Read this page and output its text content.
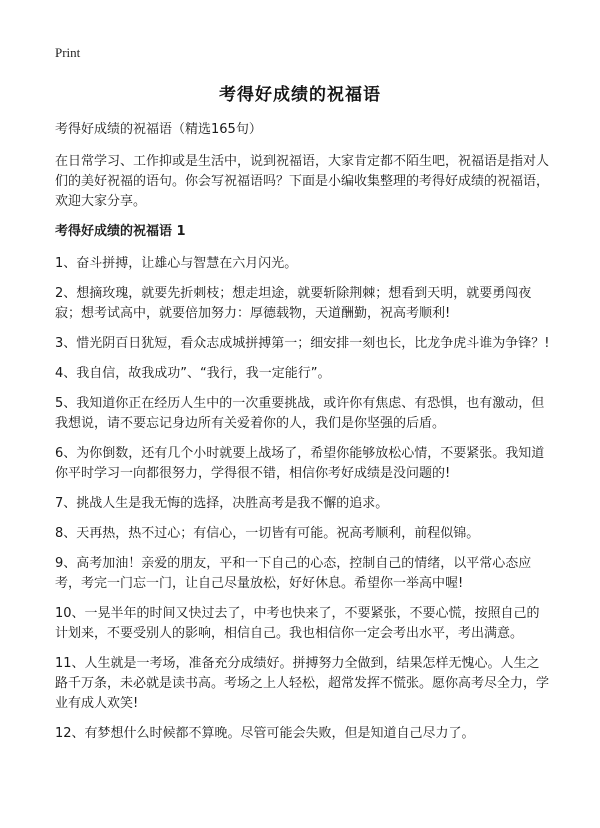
Print
考得好成绩的祝福语

考得好成绩的祝福语（精选165句）

在日常学习、工作抑或是生活中，说到祝福语，大家肯定都不陌生吧，祝福语是指对人们的美好祝福的语句。你会写祝福语吗？下面是小编收集整理的考得好成绩的祝福语，欢迎大家分享。

考得好成绩的祝福语 1

1、奋斗拼搏，让雄心与智慧在六月闪光。

2、想摘玫瑰，就要先折刺枝；想走坦途，就要斩除荆棘；想看到天明，就要勇闯夜寂；想考试高中，就要倍加努力：厚德载物，天道酬勤，祝高考顺利!

3、惜光阴百日犹短，看众志成城拼搏第一；细安排一刻也长，比龙争虎斗谁为争锋？!

4、我自信，故我成功”、“我行，我一定能行”。

5、我知道你正在经历人生中的一次重要挑战，或许你有焦虑、有恐惧，也有激动，但我想说，请不要忘记身边所有关爱着你的人，我们是你坚强的后盾。

6、为你倒数，还有几个小时就要上战场了，希望你能够放松心情，不要紧张。我知道你平时学习一向都很努力，学得很不错，相信你考好成绩是没问题的!

7、挑战人生是我无悔的选择，决胜高考是我不懈的追求。

8、天再热，热不过心；有信心，一切皆有可能。祝高考顺利，前程似锦。

9、高考加油！亲爱的朋友，平和一下自己的心态，控制自己的情绪，以平常心态应考，考完一门忘一门，让自己尽量放松，好好休息。希望你一举高中喔!

10、一晃半年的时间又快过去了，中考也快来了，不要紧张，不要心慌，按照自己的计划来，不要受别人的影响，相信自己。我也相信你一定会考出水平，考出满意。

11、人生就是一考场，准备充分成绩好。拼搏努力全做到，结果怎样无愧心。人生之路千万条，未必就是读书高。考场之上人轻松，超常发挥不慌张。愿你高考尽全力，学业有成人欢笑!

12、有梦想什么时候都不算晚。尽管可能会失败，但是知道自己尽力了。
